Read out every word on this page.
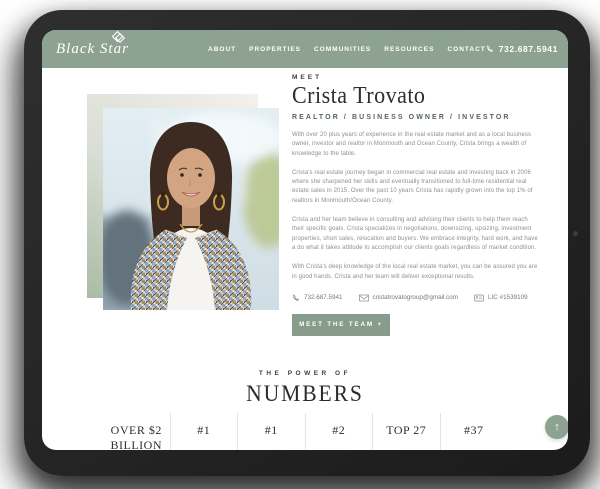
Black Star	ABOUT PROPERTIES COMMUNITIES RESOURCES CONTACT 732.687.5941
MEET
Crista Trovato
REALTOR / BUSINESS OWNER / INVESTOR

With over 20 plus years of experience in the real estate market and as a local business owner, investor and realtor in Monmouth and Ocean County, Crista brings a wealth of knowledge to the table.

Crista's real estate journey began in commercial real estate and investing back in 2006 where she sharpened her skills and eventually transitioned to full-time residential real estate sales in 2015. Over the past 10 years Crista has rapidly grown into the top 1% of realtors in Monmouth/Ocean County.

Crista and her team believe in consulting and advising their clients to help them reach their specific goals. Crista specializes in negotiations, downsizing, upsizing, investment properties, short sales, relocation and buyers. We embrace integrity, hard work, and have a do what it takes attitude to accomplish our clients goals regardless of market condition.

With Crista's deep knowledge of the local real estate market, you can be assured you are in good hands. Crista and her team will deliver exceptional results.

732.687.5941	cristatrovatogroup@gmail.com	LIC #1539109
MEET THE TEAM +
THE POWER OF
NUMBERS
OVER $2 BILLION
#1	#1	#2	TOP 27	#37	↑
